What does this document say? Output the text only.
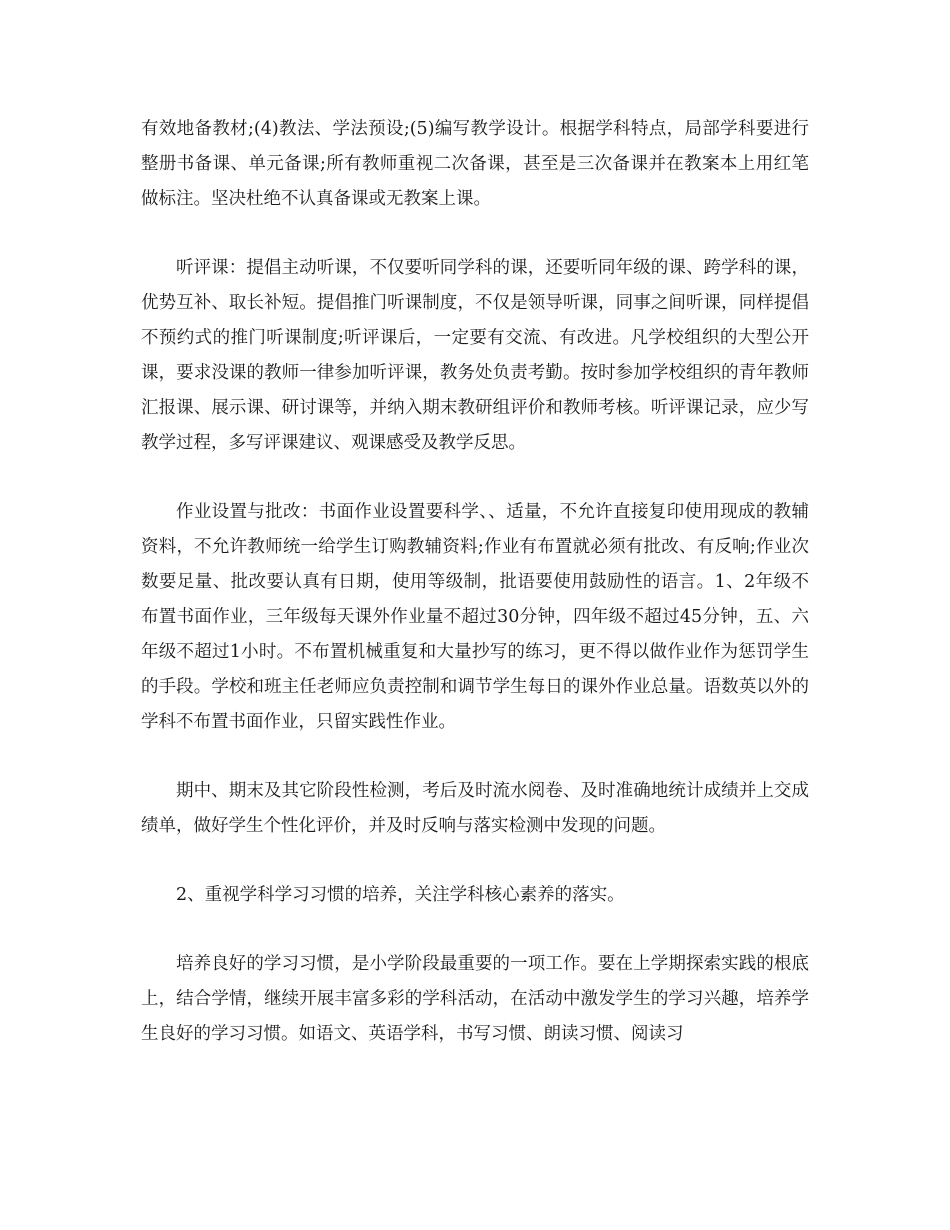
有效地备教材;(4)教法、学法预设;(5)编写教学设计。根据学科特点，局部学科要进行整册书备课、单元备课;所有教师重视二次备课，甚至是三次备课并在教案本上用红笔做标注。坚决杜绝不认真备课或无教案上课。

听评课：提倡主动听课，不仅要听同学科的课，还要听同年级的课、跨学科的课，优势互补、取长补短。提倡推门听课制度，不仅是领导听课，同事之间听课，同样提倡不预约式的推门听课制度;听评课后，一定要有交流、有改进。凡学校组织的大型公开课，要求没课的教师一律参加听评课，教务处负责考勤。按时参加学校组织的青年教师汇报课、展示课、研讨课等，并纳入期末教研组评价和教师考核。听评课记录，应少写教学过程，多写评课建议、观课感受及教学反思。

作业设置与批改：书面作业设置要科学、、适量，不允许直接复印使用现成的教辅资料，不允许教师统一给学生订购教辅资料;作业有布置就必须有批改、有反响;作业次数要足量、批改要认真有日期，使用等级制，批语要使用鼓励性的语言。1、2年级不布置书面作业，三年级每天课外作业量不超过30分钟，四年级不超过45分钟，五、六年级不超过1小时。不布置机械重复和大量抄写的练习，更不得以做作业作为惩罚学生的手段。学校和班主任老师应负责控制和调节学生每日的课外作业总量。语数英以外的学科不布置书面作业，只留实践性作业。

期中、期末及其它阶段性检测，考后及时流水阅卷、及时准确地统计成绩并上交成绩单，做好学生个性化评价，并及时反响与落实检测中发现的问题。

2、重视学科学习习惯的培养，关注学科核心素养的落实。

培养良好的学习习惯，是小学阶段最重要的一项工作。要在上学期探索实践的根底上，结合学情，继续开展丰富多彩的学科活动，在活动中激发学生的学习兴趣，培养学生良好的学习习惯。如语文、英语学科，书写习惯、朗读习惯、阅读习
